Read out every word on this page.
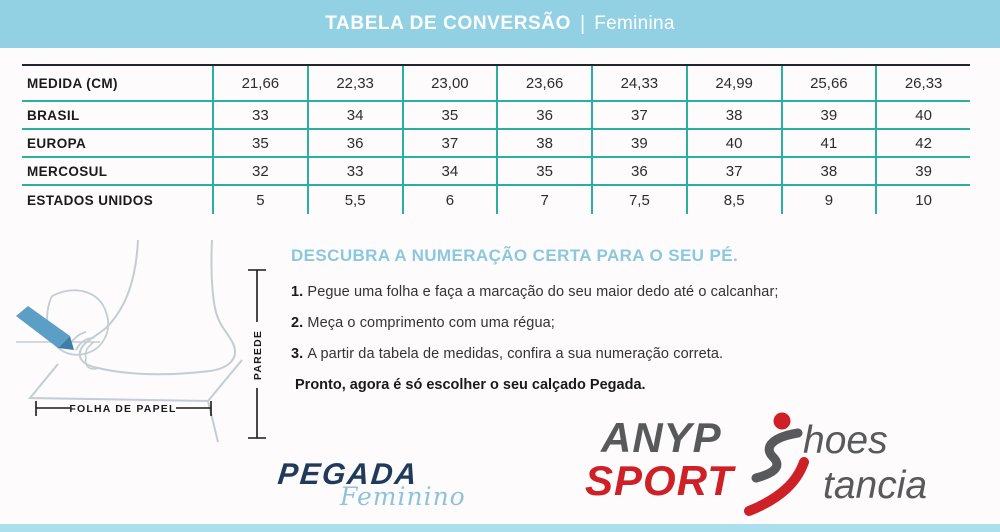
TABELA DE CONVERSÃO | Feminina
MEDIDA (CM)	21,66	22,33	23,00	23,66	24,33	24,99	25,66	26,33
BRASIL	33	34	35	36	37	38	39	40
EUROPA	35	36	37	38	39	40	41	42
MERCOSUL	32	33	34	35	36	37	38	39
ESTADOS UNIDOS	5	5,5	6	7	7,5	8,5	9	10
FOLHA DE PAPEL
PAREDE
DESCUBRA A NUMERAÇÃO CERTA PARA O SEU PÉ.

1. Pegue uma folha e faça a marcação do seu maior dedo até o calcanhar;

2. Meça o comprimento com uma régua;

3. A partir da tabela de medidas, confira a sua numeração correta.

Pronto, agora é só escolher o seu calçado Pegada.
PEGADA
Feminino
ANYP hoes
SPORT tancia
